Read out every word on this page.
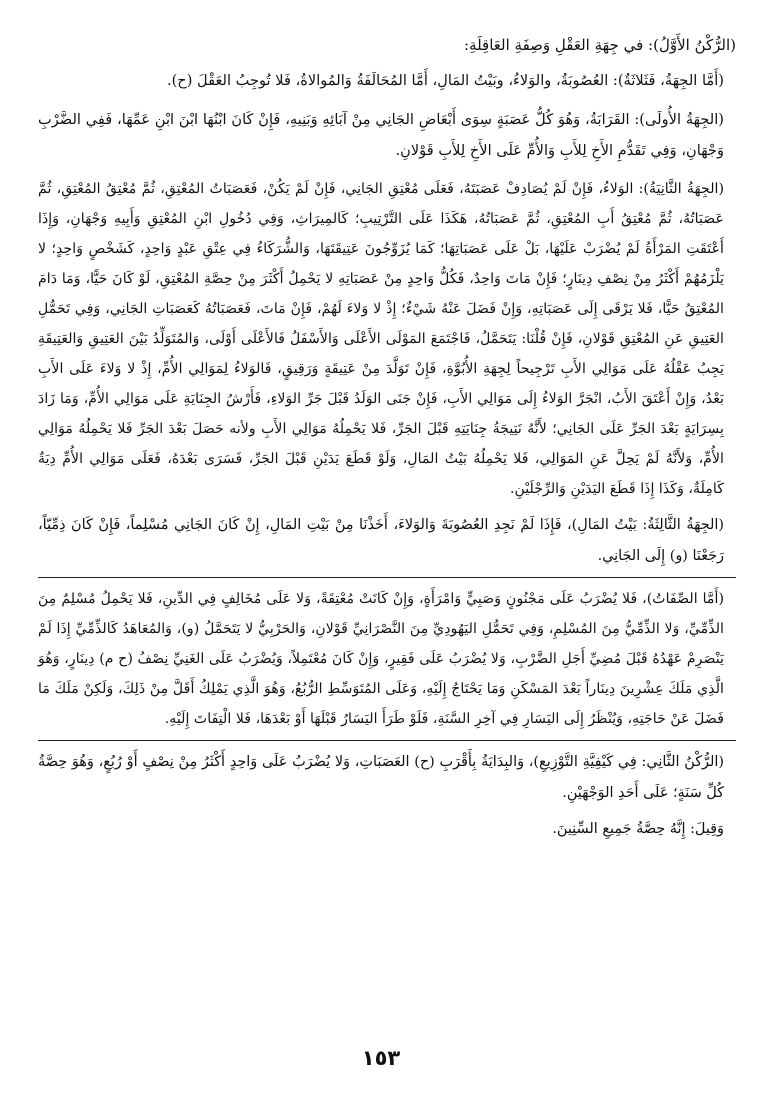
(الرُّكْنُ الأَوَّلُ): في جِهَةِ العَقْلِ وَصِفَةِ العَاقِلَةِ:
(أَمَّا الجِهَةُ، فَثَلاثَةٌ): العُصُوبَةُ، والوَلاءُ، وبَيْتُ المَالِ، أَمَّا المُحَالَفَةُ وَالمُوالاةُ، فَلا تُوجِبُ العَقْلَ (ح).
(الجِهَةُ الأُولَى): القَرَابَةُ، وَهُوَ كُلُّ عَصَبَةٍ سِوَى أَبْعَاضِ الجَانِي مِنْ آبَائِهِ وَبَنِيهِ، فَإِنْ كَانَ ابْنُهَا ابْنَ ابْنِ عَمِّهَا، فَفِي الضَّرْبِ وَجْهَانِ، وَفِي تَقَدُّمِ الأَخِ لِلأَبِ وَالأُمِّ عَلَى الأَخِ لِلأَبِ قَوْلانِ.
(الجِهَةُ الثَّانِيَةُ): الوَلاءُ، فَإِنْ لَمْ يُصَادِفْ عَصَبَتَهُ، فَعَلَى مُعْتِقِ الجَانِي، فَإِنْ لَمْ يَكُنْ، فَعَصَبَاتُ المُعْتِقِ، ثُمَّ مُعْتِقُ المُعْتِقِ، ثُمَّ عَصَبَاتُهُ، ثُمَّ مُعْتِقُ أَبِ المُعْتِقِ، ثُمَّ عَصَبَاتُهُ، هَكَذَا عَلَى التَّرْتِيبِ؛ كَالمِيرَاثِ، وَفِي دُخُولِ ابْنِ المُعْتِقِ وَأَبِيهِ وَجْهَانِ، وَإِذَا أَعْتَقَتِ المَرْأَةُ لَمْ يُضْرَبْ عَلَيْهَا، بَلْ عَلَى عَصَبَاتِهَا؛ كَمَا يُزَوِّجُونَ عَتِيقَتَهَا، وَالشُّرَكَاءُ فِي عِتْقِ عَبْدٍ وَاحِدٍ، كَشَخْصٍ وَاحِدٍ؛ لا يَلْزَمُهُمْ أَكْثَرُ مِنْ نِصْفِ دِينَارٍ؛ فَإِنْ مَاتَ وَاحِدٌ، فَكُلُّ وَاحِدٍ مِنْ عَصَبَاتِهِ لا يَحْمِلُ أَكْثَرَ مِنْ حِصَّةِ المُعْتِقِ، لَوْ كَانَ حَيًّا، وَمَا دَامَ المُعْتِقُ حَيًّا، فَلا يَرْقَى إِلَى عَصَبَاتِهِ، وَإِنْ فَضَلَ عَنْهُ شَيْءٌ؛ إِذْ لا وَلاءَ لَهُمْ، فَإِنْ مَاتَ، فَعَصَبَاتُهُ كَعَصَبَاتِ الجَانِي، وَفِي تَحَمُّلِ العَتِيقِ عَنِ المُعْتِقِ قَوْلانِ، فَإِنْ قُلْنَا: يَتَحَمَّلُ، فَاجْتَمَعَ المَوْلَى الأَعْلَى وَالأَسْفَلُ فَالأَعْلَى أَوْلَى، وَالمُتَوَلِّدُ بَيْنَ العَتِيقِ وَالعَتِيقَةِ يَجِبُ عَقْلُهُ عَلَى مَوَالِي الأَبِ تَرْجِيحاً لِجِهَةِ الأُبُوَّةِ، فَإِنْ تَوَلَّدَ مِنْ عَتِيقَةٍ وَرَقِيقٍ، فَالوَلاءُ لِمَوَالِي الأُمِّ، إِذْ لا وَلاءَ عَلَى الأَبِ بَعْدُ، وَإِنْ أَعْتَقَ الأَبُ، انْجَرَّ الوَلاءُ إِلَى مَوَالِي الأَبِ، فَإِنْ جَنَى الوَلَدُ قَبْلَ جَرِّ الوَلاءِ، فَأَرْشُ الجِنَايَةِ عَلَى مَوَالِي الأُمِّ، وَمَا زَادَ بِسِرَايَةٍ بَعْدَ الجَرِّ عَلَى الجَانِي؛ لأَنَّهُ نَتِيجَةُ جِنَايَتِهِ قَبْلَ الجَرِّ، فَلا يَحْمِلُهُ مَوَالِي الأَبِ ولأنه حَصَلَ بَعْدَ الجَرِّ فَلا يَحْمِلُهُ مَوَالِي الأُمِّ، وَلأَنَّهُ لَمْ يَحِلَّ عَنِ المَوَالِي، فَلا يَحْمِلُهُ بَيْتُ المَالِ، وَلَوْ قَطَعَ يَدَيْنِ قَبْلَ الجَرِّ، فَسَرَى بَعْدَهُ، فَعَلَى مَوَالِي الأُمِّ دِيَةٌ كَامِلَةٌ، وَكَذَا إِذَا قَطَعَ اليَدَيْنِ وَالرِّجْلَيْنِ.
(الجِهَةُ الثَّالِثَةُ: بَيْتُ المَالِ)، فَإِذَا لَمْ نَجِدِ العُصُوبَةَ وَالوَلاءَ، أَخَذْنَا مِنْ بَيْتِ المَالِ، إِنْ كَانَ الجَانِي مُسْلِماً، فَإِنْ كَانَ ذِمِّيّاً، رَجَعْنَا (و) إِلَى الجَانِي.
(أَمَّا الصِّفَاتُ)، فَلا يُضْرَبُ عَلَى مَجْنُونٍ وَصَبِيٍّ وَامْرَأَةٍ، وَإِنْ كَانَتْ مُعْتِقَةً، وَلا عَلَى مُخَالِفٍ فِي الدِّينِ، فَلا يَحْمِلُ مُسْلِمٌ مِنَ الذِّمِّيِّ، وَلا الذِّمِّيُّ مِنَ المُسْلِمِ، وَفِي تَحَمُّلِ اليَهُودِيِّ مِنَ النَّصْرَانِيِّ قَوْلانِ، وَالحَرْبِيُّ لا يَتَحَمَّلُ (و)، وَالمُعَاهَدُ كَالذِّمِّيِّ إِذَا لَمْ يَنْصَرِمْ عَهْدُهُ قَبْلَ مُضِيِّ أَجَلِ الضَّرْبِ، وَلا يُضْرَبُ عَلَى فَقِيرٍ، وَإِنْ كَانَ مُعْتَمِلاً، وَيُضْرَبُ عَلَى الغَنِيِّ نِصْفُ (ح م) دِينَارٍ، وَهُوَ الَّذِي مَلَكَ عِشْرِينَ دِينَاراً بَعْدَ المَسْكَنِ وَمَا يَحْتَاجُ إِلَيْهِ، وَعَلَى المُتَوَسِّطِ الرُّبُعُ، وَهُوَ الَّذِي يَمْلِكُ أَقَلَّ مِنْ ذَلِكَ، وَلَكِنْ مَلَكَ مَا فَضَلَ عَنْ حَاجَتِهِ، وَيُنْظَرُ إِلَى اليَسَارِ فِي آخِرِ السَّنَةِ، فَلَوْ طَرَأَ اليَسَارُ قَبْلَهَا أَوْ بَعْدَهَا، فَلا الْتِفَاتَ إِلَيْهِ.
(الرُّكْنُ الثَّانِي: فِي كَيْفِيَّةِ التَّوْزِيعِ)، وَالبِدَايَةُ بِأَقْرَبِ (ح) العَصَبَاتِ، وَلا يُضْرَبُ عَلَى وَاحِدٍ أَكْثَرُ مِنْ نِصْفٍ أَوْ رُبُعٍ، وَهُوَ حِصَّةُ كُلِّ سَنَةٍ؛ عَلَى أَحَدِ الوَجْهَيْنِ.
وَقِيلَ: إِنَّهُ حِصَّةُ جَمِيعِ السِّنِينَ.
١٥٣
